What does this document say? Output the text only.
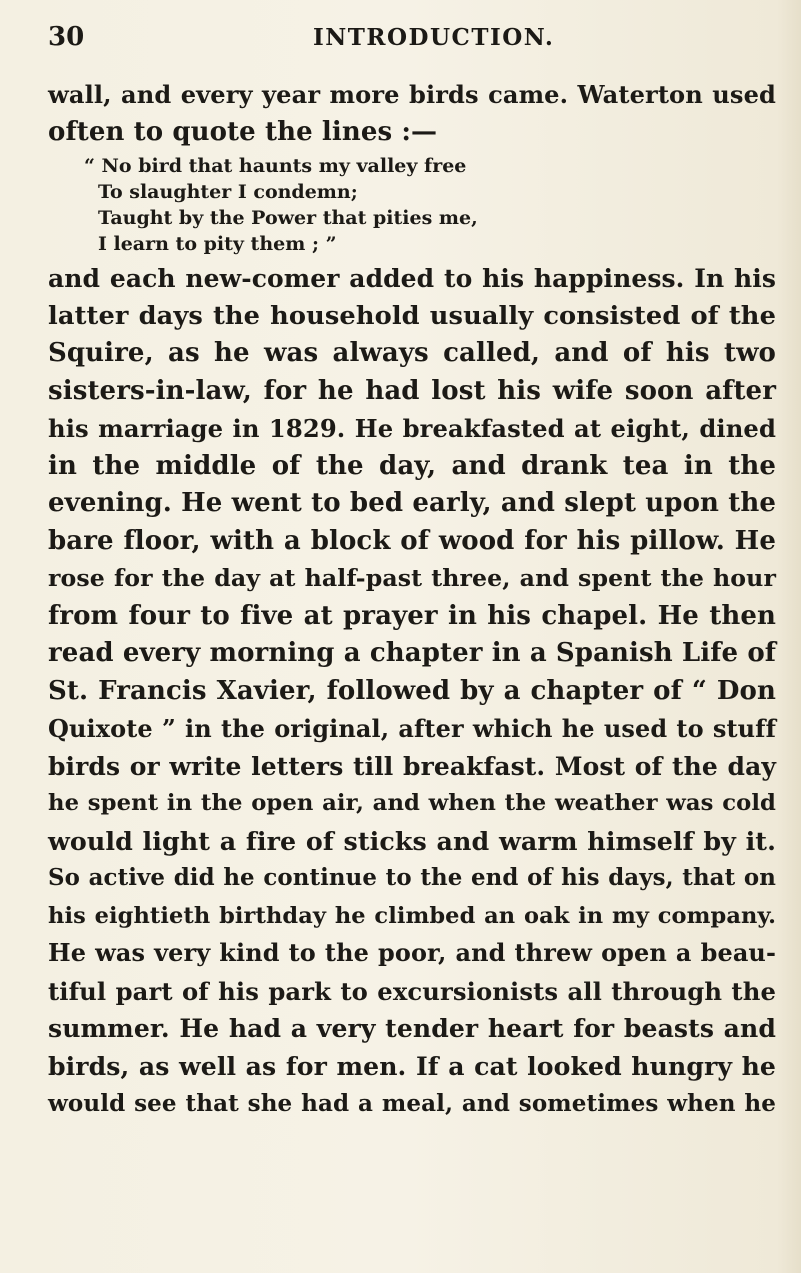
30	INTRODUCTION.
wall, and every year more birds came. Waterton used
often to quote the lines :—
“ No bird that haunts my valley free
To slaughter I condemn;
Taught by the Power that pities me,
I learn to pity them ; ”
and each new-comer added to his happiness. In his
latter days the household usually consisted of the
Squire, as he was always called, and of his two
sisters-in-law, for he had lost his wife soon after
his marriage in 1829. He breakfasted at eight, dined
in the middle of the day, and drank tea in the
evening. He went to bed early, and slept upon the
bare floor, with a block of wood for his pillow. He
rose for the day at half-past three, and spent the hour
from four to five at prayer in his chapel. He then
read every morning a chapter in a Spanish Life of
St. Francis Xavier, followed by a chapter of “ Don
Quixote ” in the original, after which he used to stuff
birds or write letters till breakfast. Most of the day
he spent in the open air, and when the weather was cold
would light a fire of sticks and warm himself by it.
So active did he continue to the end of his days, that on
his eightieth birthday he climbed an oak in my company.
He was very kind to the poor, and threw open a beau-
tiful part of his park to excursionists all through the
summer. He had a very tender heart for beasts and
birds, as well as for men. If a cat looked hungry he
would see that she had a meal, and sometimes when he
